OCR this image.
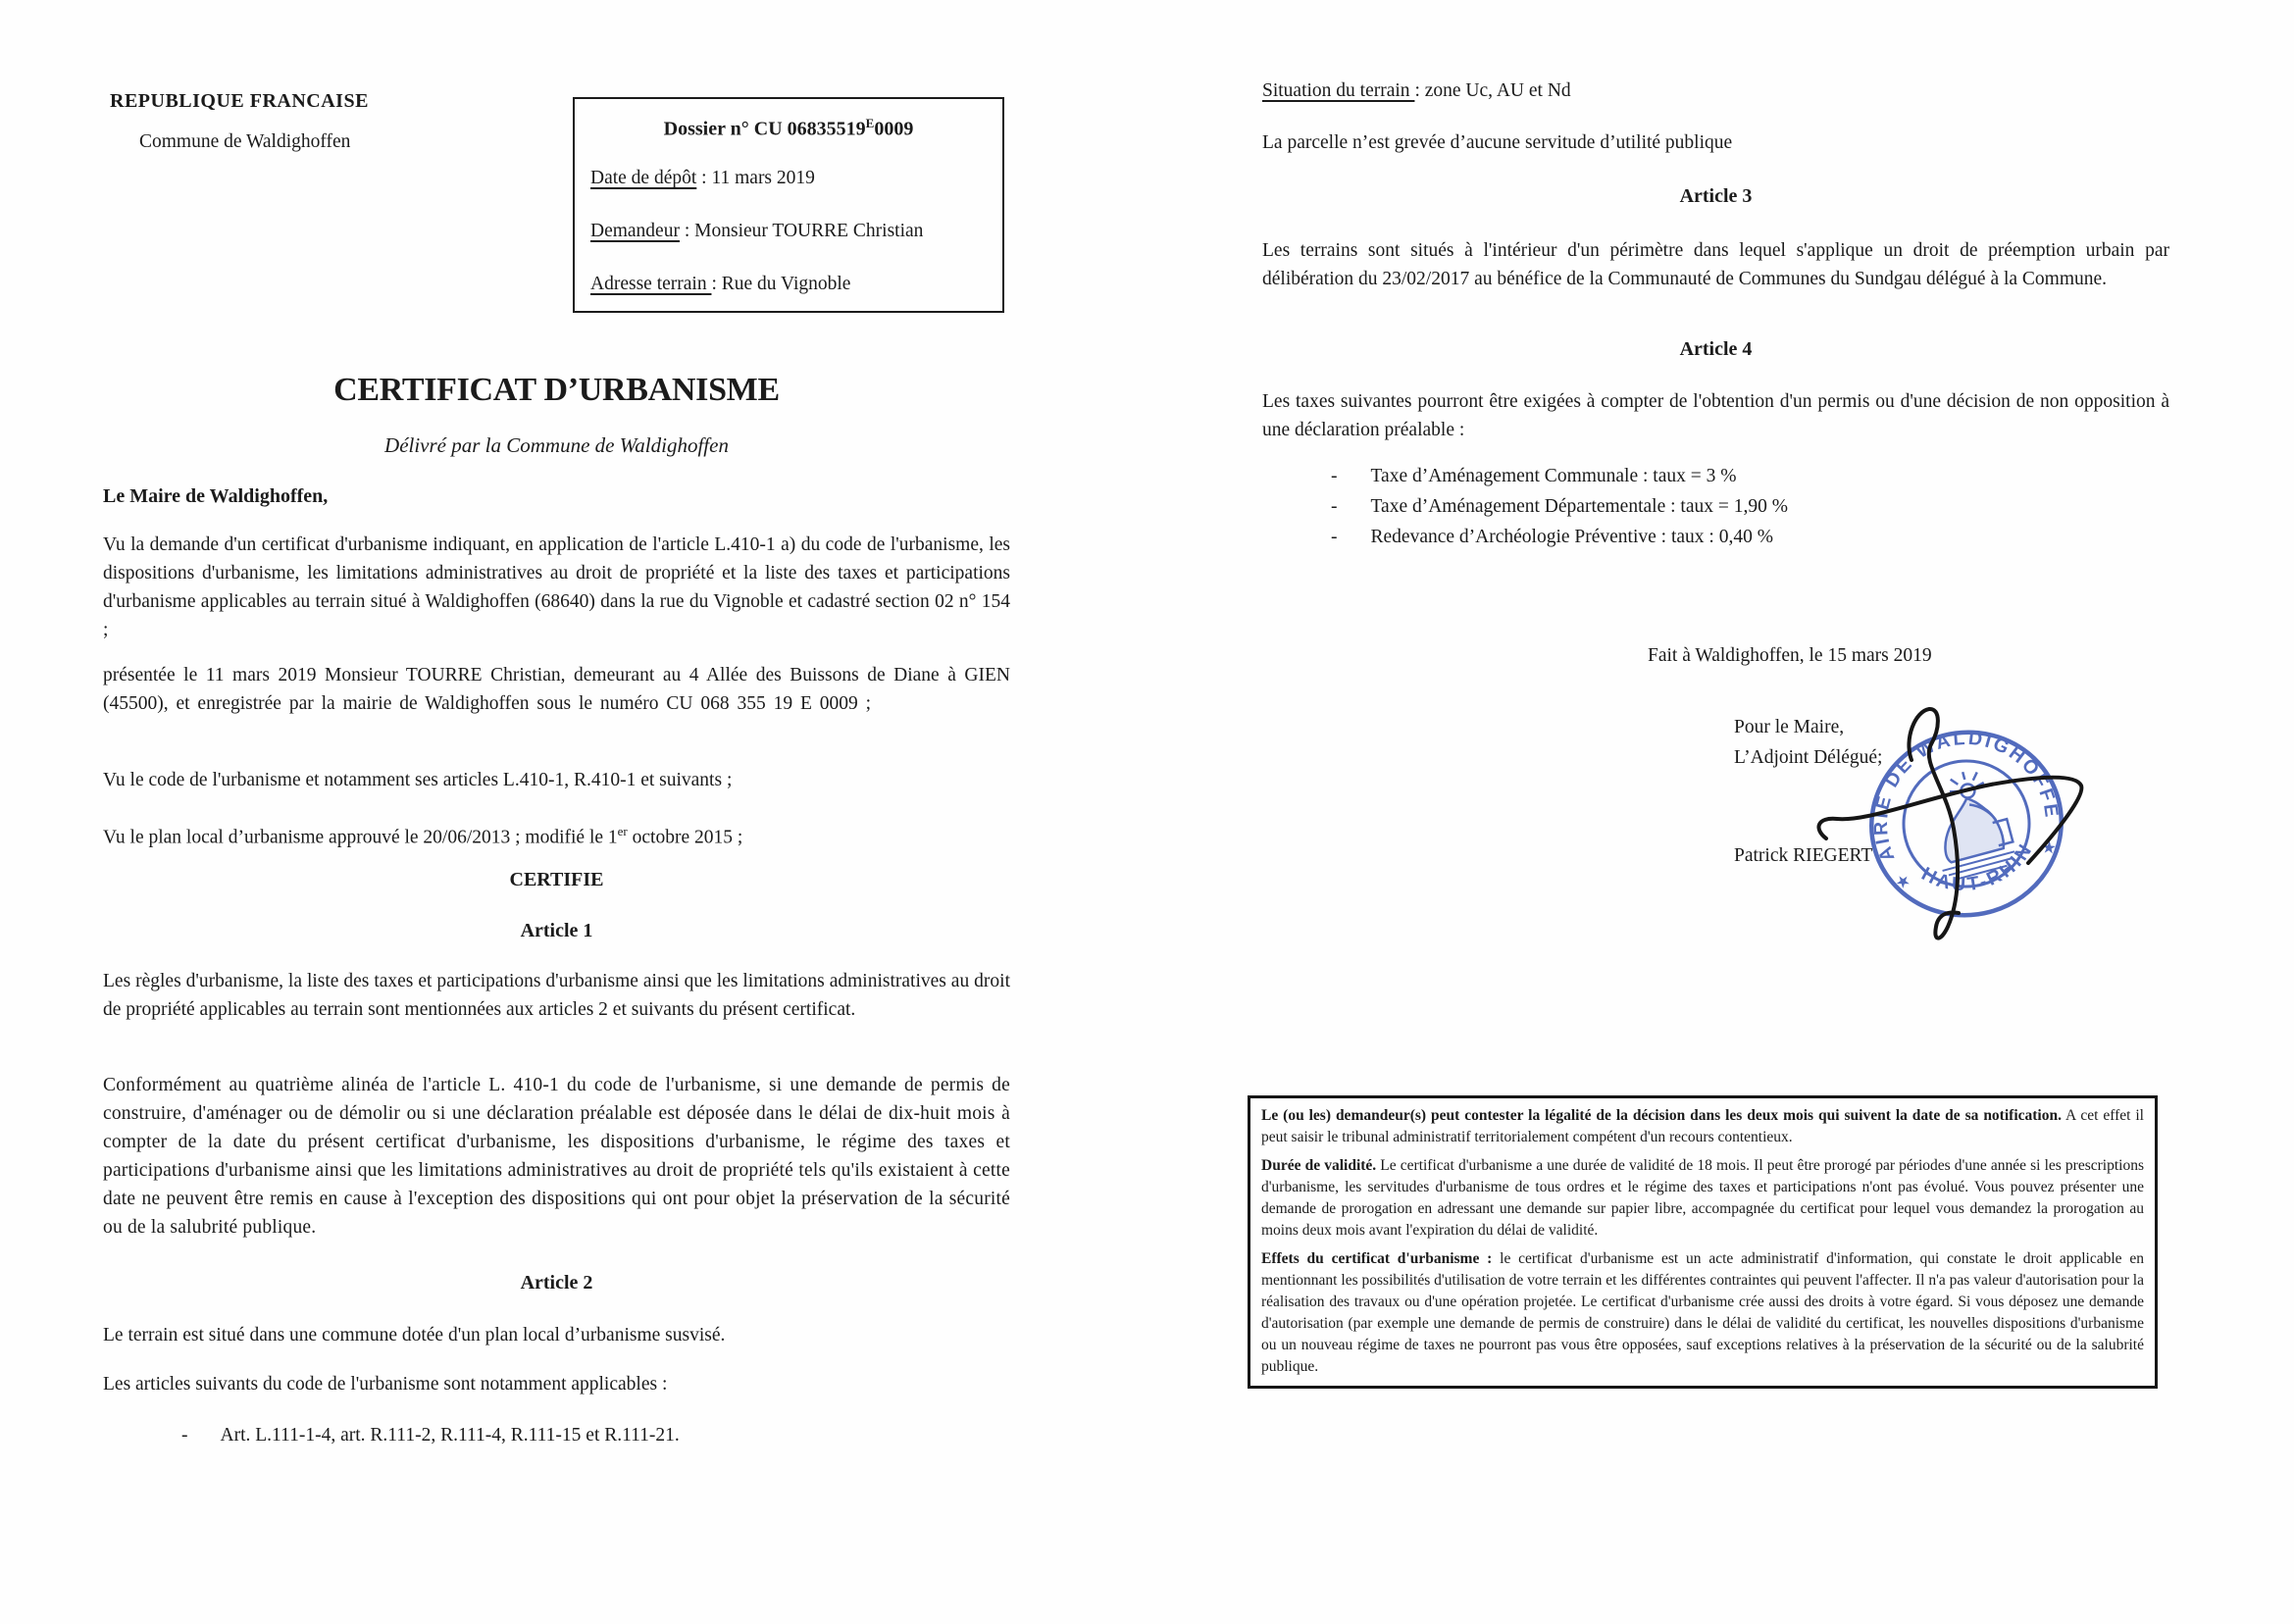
REPUBLIQUE FRANCAISE
Commune de Waldighoffen
Dossier n° CU $06835519^E0009$
Date de dépôt : 11 mars 2019
Demandeur : Monsieur TOURRE Christian
Adresse terrain : Rue du Vignoble
CERTIFICAT D’URBANISME
Délivré par la Commune de Waldighoffen
Le Maire de Waldighoffen,
Vu la demande d'un certificat d'urbanisme indiquant, en application de l'article L.410-1 a) du code de l'urbanisme, les dispositions d'urbanisme, les limitations administratives au droit de propriété et la liste des taxes et participations d'urbanisme applicables au terrain situé à Waldighoffen (68640) dans la rue du Vignoble et cadastré section 02 n° 154 ;
présentée le 11 mars 2019 Monsieur TOURRE Christian, demeurant au 4 Allée des Buissons de Diane à GIEN (45500), et enregistrée par la mairie de Waldighoffen sous le numéro CU 068 355 19 E 0009 ;
Vu le code de l'urbanisme et notamment ses articles L.410-1, R.410-1 et suivants ;
Vu le plan local d’urbanisme approuvé le 20/06/2013 ; modifié le 1er octobre 2015 ;
CERTIFIE
Article 1
Les règles d'urbanisme, la liste des taxes et participations d'urbanisme ainsi que les limitations administratives au droit de propriété applicables au terrain sont mentionnées aux articles 2 et suivants du présent certificat.
Conformément au quatrième alinéa de l'article L. 410-1 du code de l'urbanisme, si une demande de permis de construire, d'aménager ou de démolir ou si une déclaration préalable est déposée dans le délai de dix-huit mois à compter de la date du présent certificat d'urbanisme, les dispositions d'urbanisme, le régime des taxes et participations d'urbanisme ainsi que les limitations administratives au droit de propriété tels qu'ils existaient à cette date ne peuvent être remis en cause à l'exception des dispositions qui ont pour objet la préservation de la sécurité ou de la salubrité publique.
Article 2
Le terrain est situé dans une commune dotée d'un plan local d’urbanisme susvisé.
Les articles suivants du code de l'urbanisme sont notamment applicables :
- Art. L.111-1-4, art. R.111-2, R.111-4, R.111-15 et R.111-21.
Situation du terrain : zone Uc, AU et Nd
La parcelle n’est grevée d’aucune servitude d’utilité publique
Article 3
Les terrains sont situés à l'intérieur d'un périmètre dans lequel s'applique un droit de préemption urbain par délibération du 23/02/2017 au bénéfice de la Communauté de Communes du Sundgau délégué à la Commune.
Article 4
Les taxes suivantes pourront être exigées à compter de l'obtention d'un permis ou d'une décision de non opposition à une déclaration préalable :
- Taxe d’Aménagement Communale : taux = 3 %
- Taxe d’Aménagement Départementale : taux = 1,90 %
- Redevance d’Archéologie Préventive : taux : 0,40 %
Fait à Waldighoffen, le 15 mars 2019
Pour le Maire,
L’Adjoint Délégué;
Patrick RIEGERT
MAIRIE DE WALDIGHOFFEN
HAUT-RHIN
★
★

Le (ou les) demandeur(s) peut contester la légalité de la décision dans les deux mois qui suivent la date de sa notification. A cet effet il peut saisir le tribunal administratif territorialement compétent d'un recours contentieux.

Durée de validité. Le certificat d'urbanisme a une durée de validité de 18 mois. Il peut être prorogé par périodes d'une année si les prescriptions d'urbanisme, les servitudes d'urbanisme de tous ordres et le régime des taxes et participations n'ont pas évolué. Vous pouvez présenter une demande de prorogation en adressant une demande sur papier libre, accompagnée du certificat pour lequel vous demandez la prorogation au moins deux mois avant l'expiration du délai de validité.

Effets du certificat d'urbanisme : le certificat d'urbanisme est un acte administratif d'information, qui constate le droit applicable en mentionnant les possibilités d'utilisation de votre terrain et les différentes contraintes qui peuvent l'affecter. Il n'a pas valeur d'autorisation pour la réalisation des travaux ou d'une opération projetée. Le certificat d'urbanisme crée aussi des droits à votre égard. Si vous déposez une demande d'autorisation (par exemple une demande de permis de construire) dans le délai de validité du certificat, les nouvelles dispositions d'urbanisme ou un nouveau régime de taxes ne pourront pas vous être opposées, sauf exceptions relatives à la préservation de la sécurité ou de la salubrité publique.
